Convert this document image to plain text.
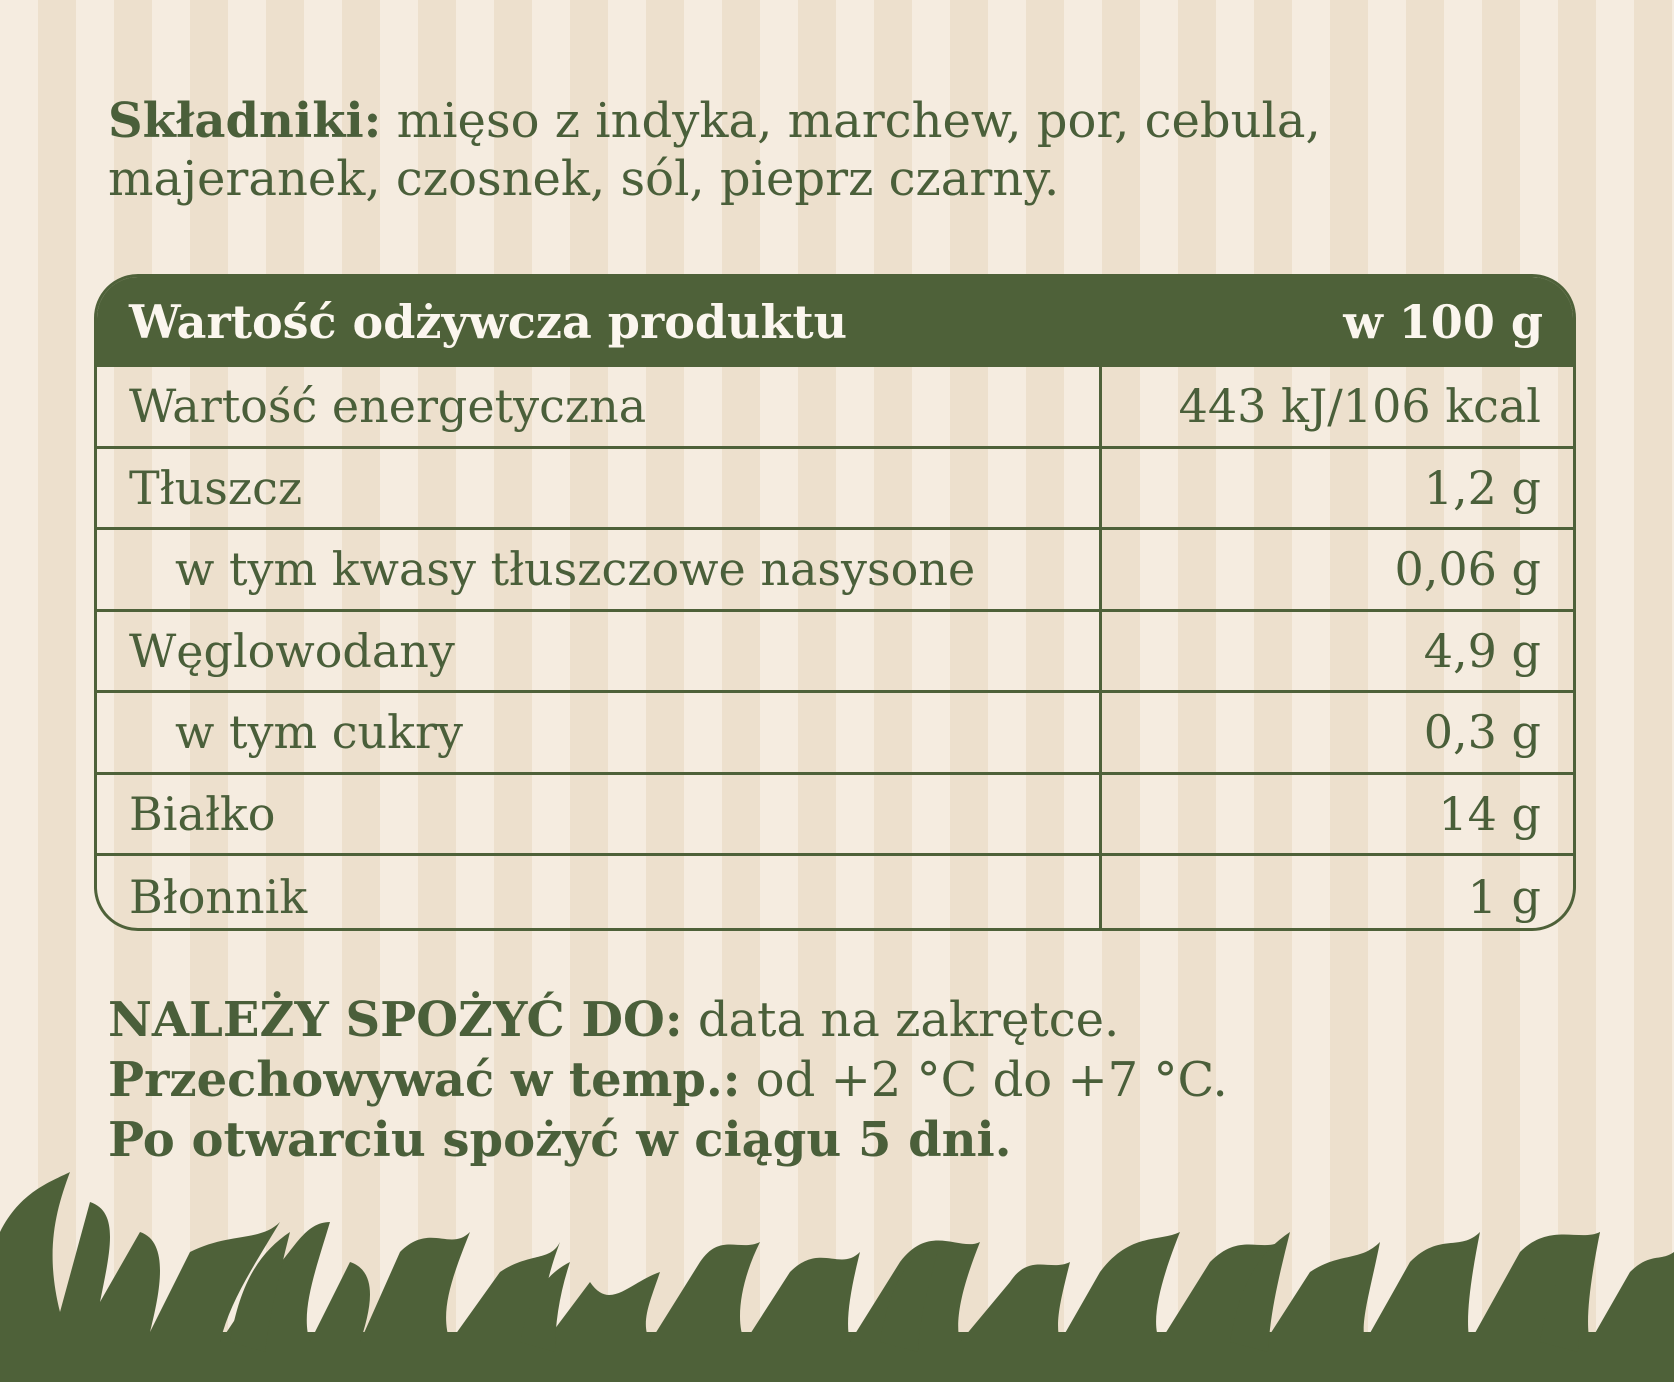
Składniki: mięso z indyka, marchew, por, cebula, majeranek, czosnek, sól, pieprz czarny.
Wartość odżywcza produktu	w 100 g
Wartość energetyczna	443 kJ/106 kcal
Tłuszcz	1,2 g
w tym kwasy tłuszczowe nasysone	0,06 g
Węglowodany	4,9 g
w tym cukry	0,3 g
Białko	14 g
Błonnik	1 g
NALEŻY SPOŻYĆ DO: data na zakrętce.
Przechowywać w temp.: od +2 °C do +7 °C.
Po otwarciu spożyć w ciągu 5 dni.
